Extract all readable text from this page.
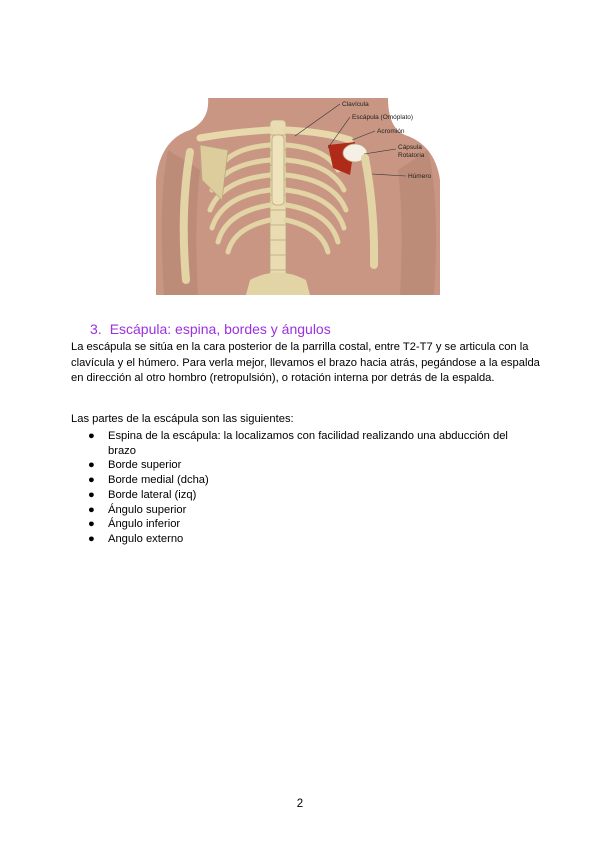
Clavícula
Escápula (Omóplato)
Acromión
Cápsula
Rotatoria
Húmero
3. Escápula: espina, bordes y ángulos

La escápula se sitúa en la cara posterior de la parrilla costal, entre T2-T7 y se articula con la clavícula y el húmero. Para verla mejor, llevamos el brazo hacia atrás, pegándose a la espalda en dirección al otro hombro (retropulsión), o rotación interna por detrás de la espalda.

Las partes de la escápula son las siguientes:

● Espina de la escápula: la localizamos con facilidad realizando una abducción del brazo
● Borde superior
● Borde medial (dcha)
● Borde lateral (izq)
● Ángulo superior
● Ángulo inferior
● Angulo externo
2
